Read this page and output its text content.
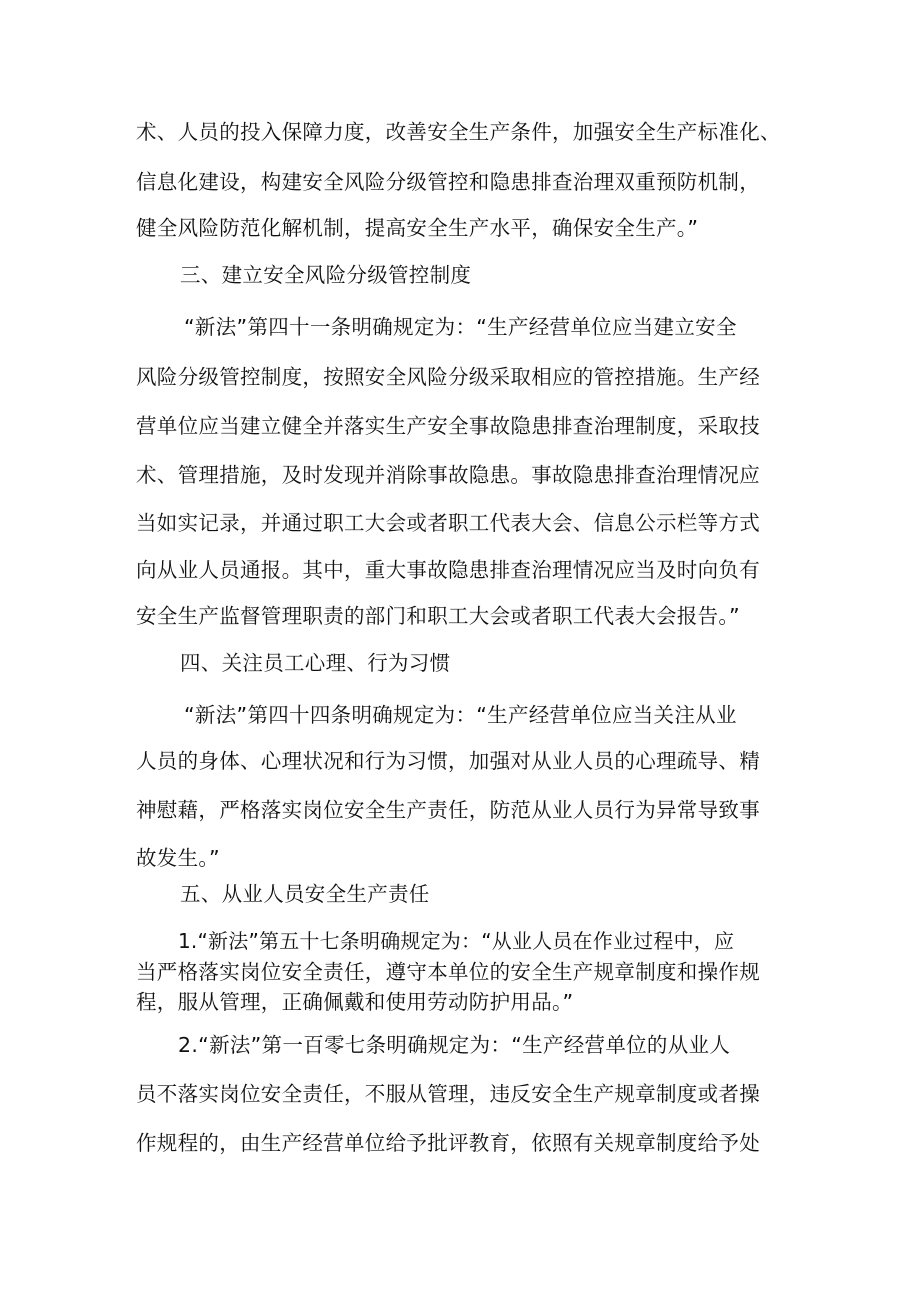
术、人员的投入保障力度，改善安全生产条件，加强安全生产标准化、
信息化建设，构建安全风险分级管控和隐患排查治理双重预防机制，
健全风险防范化解机制，提高安全生产水平，确保安全生产。”
三、建立安全风险分级管控制度
“新法”第四十一条明确规定为：“生产经营单位应当建立安全
风险分级管控制度，按照安全风险分级采取相应的管控措施。生产经
营单位应当建立健全并落实生产安全事故隐患排查治理制度，采取技
术、管理措施，及时发现并消除事故隐患。事故隐患排查治理情况应
当如实记录，并通过职工大会或者职工代表大会、信息公示栏等方式
向从业人员通报。其中，重大事故隐患排查治理情况应当及时向负有
安全生产监督管理职责的部门和职工大会或者职工代表大会报告。”
四、关注员工心理、行为习惯
“新法”第四十四条明确规定为：“生产经营单位应当关注从业
人员的身体、心理状况和行为习惯，加强对从业人员的心理疏导、精
神慰藉，严格落实岗位安全生产责任，防范从业人员行为异常导致事
故发生。”
五、从业人员安全生产责任
1.“新法”第五十七条明确规定为：“从业人员在作业过程中，应
当严格落实岗位安全责任，遵守本单位的安全生产规章制度和操作规
程，服从管理，正确佩戴和使用劳动防护用品。”
2.“新法”第一百零七条明确规定为：“生产经营单位的从业人
员不落实岗位安全责任，不服从管理，违反安全生产规章制度或者操
作规程的，由生产经营单位给予批评教育，依照有关规章制度给予处
